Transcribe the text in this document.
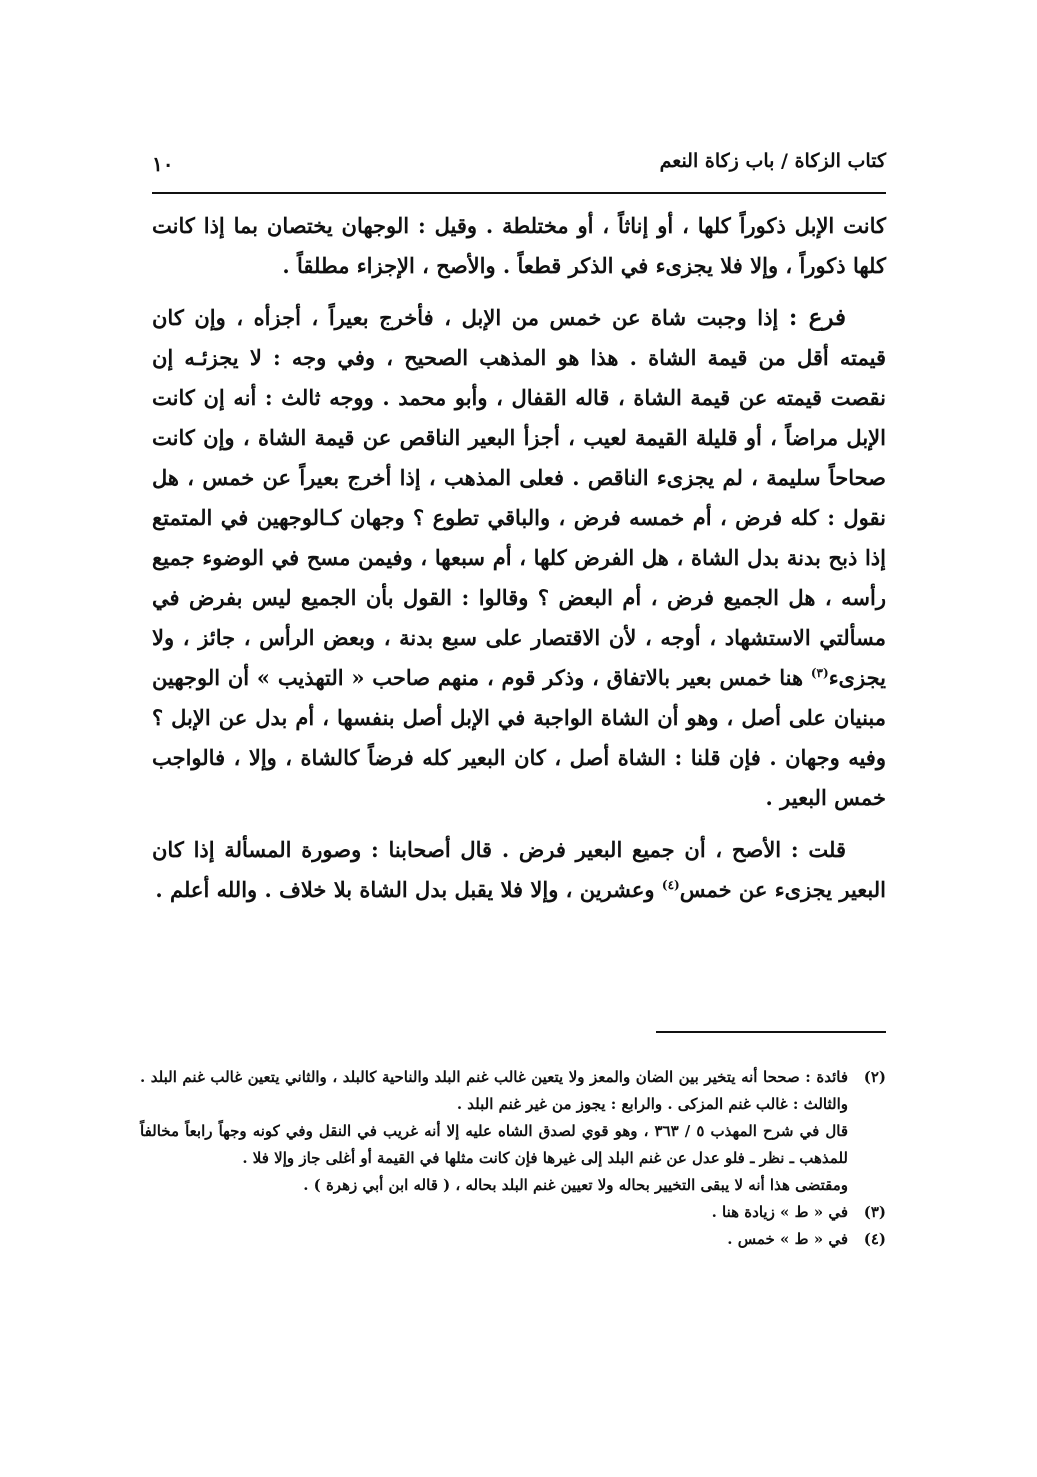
كتاب الزكاة / باب زكاة النعم
١٠

كانت الإبل ذكوراً كلها ، أو إناثاً ، أو مختلطة . وقيل : الوجهان يختصان بما إذا كانت كلها ذكوراً ، وإلا فلا يجزىء في الذكر قطعاً . والأصح ، الإجزاء مطلقاً .

فرع : إذا وجبت شاة عن خمس من الإبل ، فأخرج بعيراً ، أجزأه ، وإن كان قيمته أقل من قيمة الشاة . هذا هو المذهب الصحيح ، وفي وجه : لا يجزئـه إن نقصت قيمته عن قيمة الشاة ، قاله القفال ، وأبو محمد . ووجه ثالث : أنه إن كانت الإبل مراضاً ، أو قليلة القيمة لعيب ، أجزأ البعير الناقص عن قيمة الشاة ، وإن كانت صحاحاً سليمة ، لم يجزىء الناقص . فعلى المذهب ، إذا أخرج بعيراً عن خمس ، هل نقول : كله فرض ، أم خمسه فرض ، والباقي تطوع ؟ وجهان كـالوجهين في المتمتع إذا ذبح بدنة بدل الشاة ، هل الفرض كلها ، أم سبعها ، وفيمن مسح في الوضوء جميع رأسه ، هل الجميع فرض ، أم البعض ؟ وقالوا : القول بأن الجميع ليس بفرض في مسألتي الاستشهاد ، أوجه ، لأن الاقتصار على سبع بدنة ، وبعض الرأس ، جائز ، ولا يجزىء$^{(٣)}$ هنا خمس بعير بالاتفاق ، وذكر قوم ، منهم صاحب « التهذيب » أن الوجهين مبنيان على أصل ، وهو أن الشاة الواجبة في الإبل أصل بنفسها ، أم بدل عن الإبل ؟ وفيه وجهان . فإن قلنا : الشاة أصل ، كان البعير كله فرضاً كالشاة ، وإلا ، فالواجب خمس البعير .

قلت : الأصح ، أن جميع البعير فرض . قال أصحابنا : وصورة المسألة إذا كان البعير يجزىء عن خمس$^{(٤)}$ وعشرين ، وإلا فلا يقبل بدل الشاة بلا خلاف . والله أعلم .

(٢)
فائدة : صححا أنه يتخير بين الضان والمعز ولا يتعين غالب غنم البلد والناحية كالبلد ، والثاني يتعين غالب غنم البلد . والثالث : غالب غنم المزكى . والرابع : يجوز من غير غنم البلد .

قال في شرح المهذب ٥ / ٣٦٣ ، وهو قوي لصدق الشاه عليه إلا أنه غريب في النقل وفي كونه وجهاً رابعاً مخالفاً للمذهب ـ نظر ـ فلو عدل عن غنم البلد إلى غيرها فإن كانت مثلها في القيمة أو أغلى جاز وإلا فلا .

ومقتضى هذا أنه لا يبقى التخيير بحاله ولا تعيين غنم البلد بحاله ، ( قاله ابن أبي زهرة ) .

(٣)
في « ط » زيادة هنا .

(٤)
في « ط » خمس .
